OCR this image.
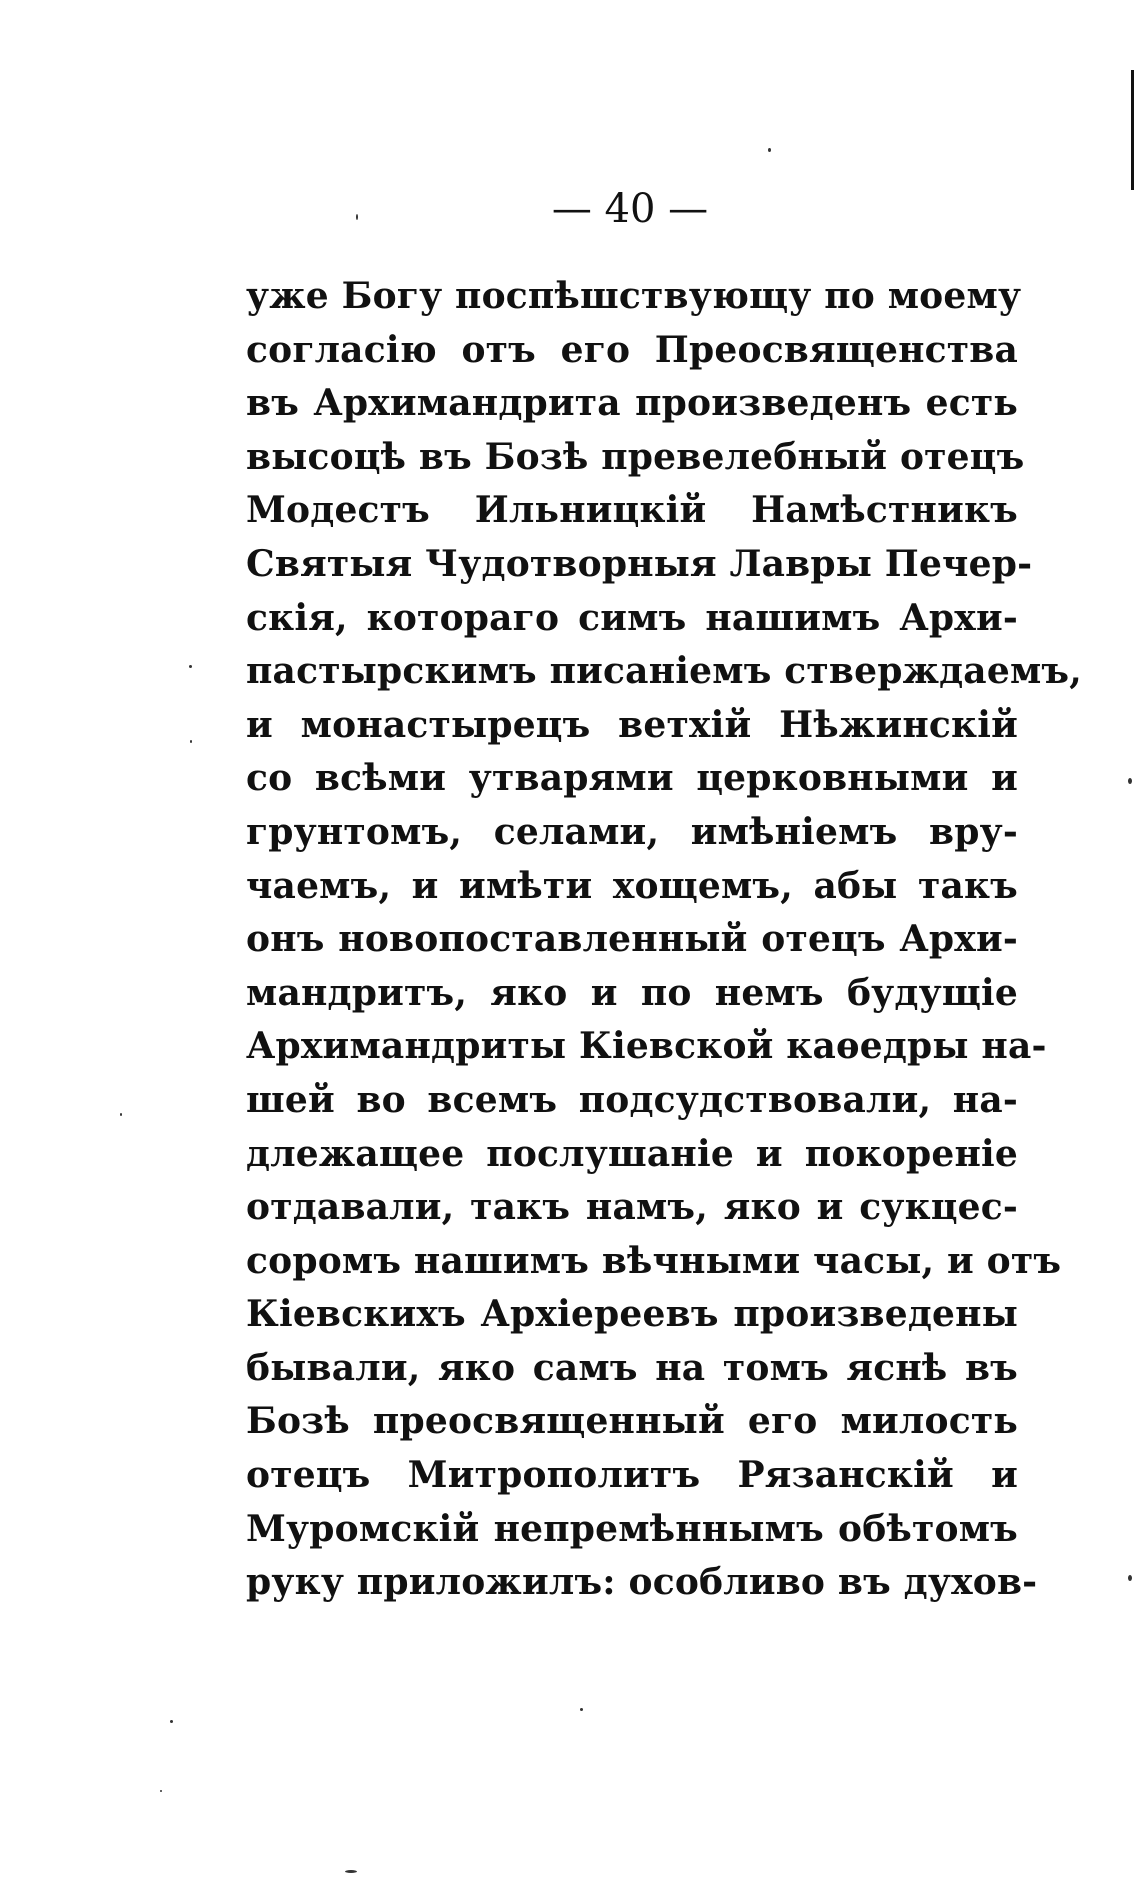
— 40 —
уже Богу поспѣшствующу по моему
согласію отъ его Преосвященства
въ Архимандрита произведенъ есть
высоцѣ въ Бозѣ превелебный отецъ
Модестъ Ильницкій Намѣстникъ
Святыя Чудотворныя Лавры Печер-
скія, котораго симъ нашимъ Архи-
пастырскимъ писаніемъ стверждаемъ,
и монастырецъ ветхій Нѣжинскій
со всѣми утварями церковными и
грунтомъ, селами, имѣніемъ вру-
чаемъ, и имѣти хощемъ, абы такъ
онъ новопоставленный отецъ Архи-
мандритъ, яко и по немъ будущіе
Архимандриты Кіевской каѳедры на-
шей во всемъ подсудствовали, на-
длежащее послушаніе и покореніе
отдавали, такъ намъ, яко и сукцес-
соромъ нашимъ вѣчными часы, и отъ
Кіевскихъ Архіереевъ произведены
бывали, яко самъ на томъ яснѣ въ
Бозѣ преосвященный его милость
отецъ Митрополитъ Рязанскій и
Муромскій непремѣннымъ обѣтомъ
руку приложилъ: особливо въ духов-
